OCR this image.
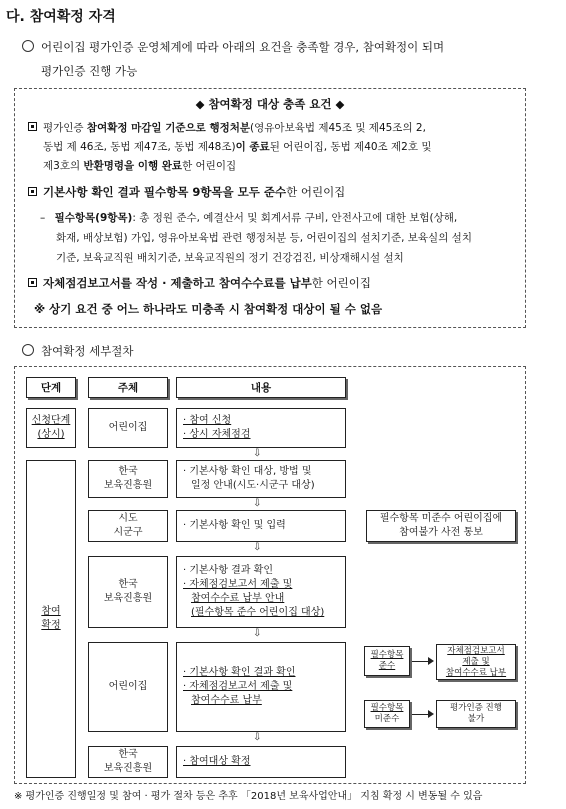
다. 참여확정 자격
어린이집 평가인증 운영체계에 따라 아래의 요건을 충족할 경우, 참여확정이 되며
평가인증 진행 가능
◆ 참여확정 대상 충족 요건 ◆
평가인증 참여확정 마감일 기준으로 행정처분(영유아보육법 제45조 및 제45조의 2,
동법 제 46조, 동법 제47조, 동법 제48조)이 종료된 어린이집, 동법 제40조 제2호 및
제3호의 반환명령을 이행 완료한 어린이집
기본사항 확인 결과 필수항목 9항목을 모두 준수한 어린이집
– 필수항목(9항목): 총 정원 준수, 예결산서 및 회계서류 구비, 안전사고에 대한 보험(상해,
화재, 배상보험) 가입, 영유아보육법 관련 행정처분 등, 어린이집의 설치기준, 보육실의 설치
기준, 보육교직원 배치기준, 보육교직원의 정기 건강검진, 비상재해시설 설치
자체점검보고서를 작성 · 제출하고 참여수수료를 납부한 어린이집
※ 상기 요건 중 어느 하나라도 미충족 시 참여확정 대상이 될 수 없음
참여확정 세부절차
단계	주체	내용
신청단계
(상시)
참여
확정
어린이집
· 참여 신청
· 상시 자체점검
⇩
한국
보육진흥원
· 기본사항 확인 대상, 방법 및
일정 안내(시도·시군구 대상)
⇩
시도
시군구
· 기본사항 확인 및 입력
필수항목 미준수 어린이집에
참여불가 사전 통보
⇩
한국
보육진흥원
· 기본사항 결과 확인
· 자체점검보고서 제출 및
참여수수료 납부 안내
(필수항목 준수 어린이집 대상)
⇩
어린이집
· 기본사항 확인 결과 확인
· 자체점검보고서 제출 및
참여수수료 납부
필수항목
준수
자체점검보고서
제출 및
참여수수료 납부
필수항목
미준수
평가인증 진행
불가
⇩
한국
보육진흥원
· 참여대상 확정
※ 평가인증 진행일정 및 참여 · 평가 절차 등은 추후 「2018년 보육사업안내」 지침 확정 시 변동될 수 있음
